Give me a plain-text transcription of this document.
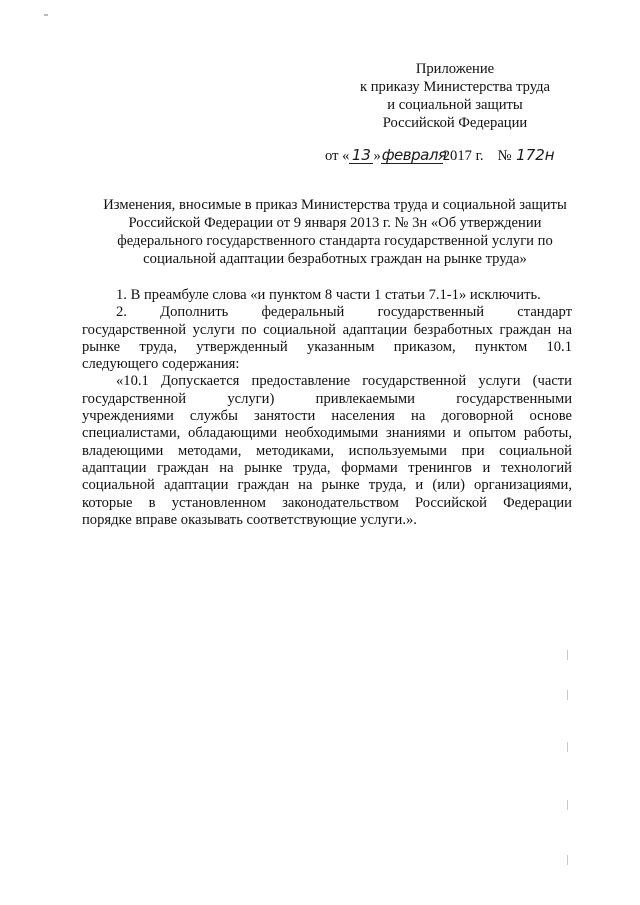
Приложение
к приказу Министерства труда
и социальной защиты
Российской Федерации
от « 13 »февраля2017 г. № 172н
Изменения, вносимые в приказ Министерства труда и социальной защиты
Российской Федерации от 9 января 2013 г. № 3н «Об утверждении
федерального государственного стандарта государственной услуги по
социальной адаптации безработных граждан на рынке труда»
1. В преамбуле слова «и пунктом 8 части 1 статьи 7.1-1» исключить.
2. Дополнить федеральный государственный стандарт
государственной услуги по социальной адаптации безработных граждан на
рынке труда, утвержденный указанным приказом, пунктом 10.1
следующего содержания:
«10.1 Допускается предоставление государственной услуги (части
государственной услуги) привлекаемыми государственными
учреждениями службы занятости населения на договорной основе
специалистами, обладающими необходимыми знаниями и опытом работы,
владеющими методами, методиками, используемыми при социальной
адаптации граждан на рынке труда, формами тренингов и технологий
социальной адаптации граждан на рынке труда, и (или) организациями,
которые в установленном законодательством Российской Федерации
порядке вправе оказывать соответствующие услуги.».
